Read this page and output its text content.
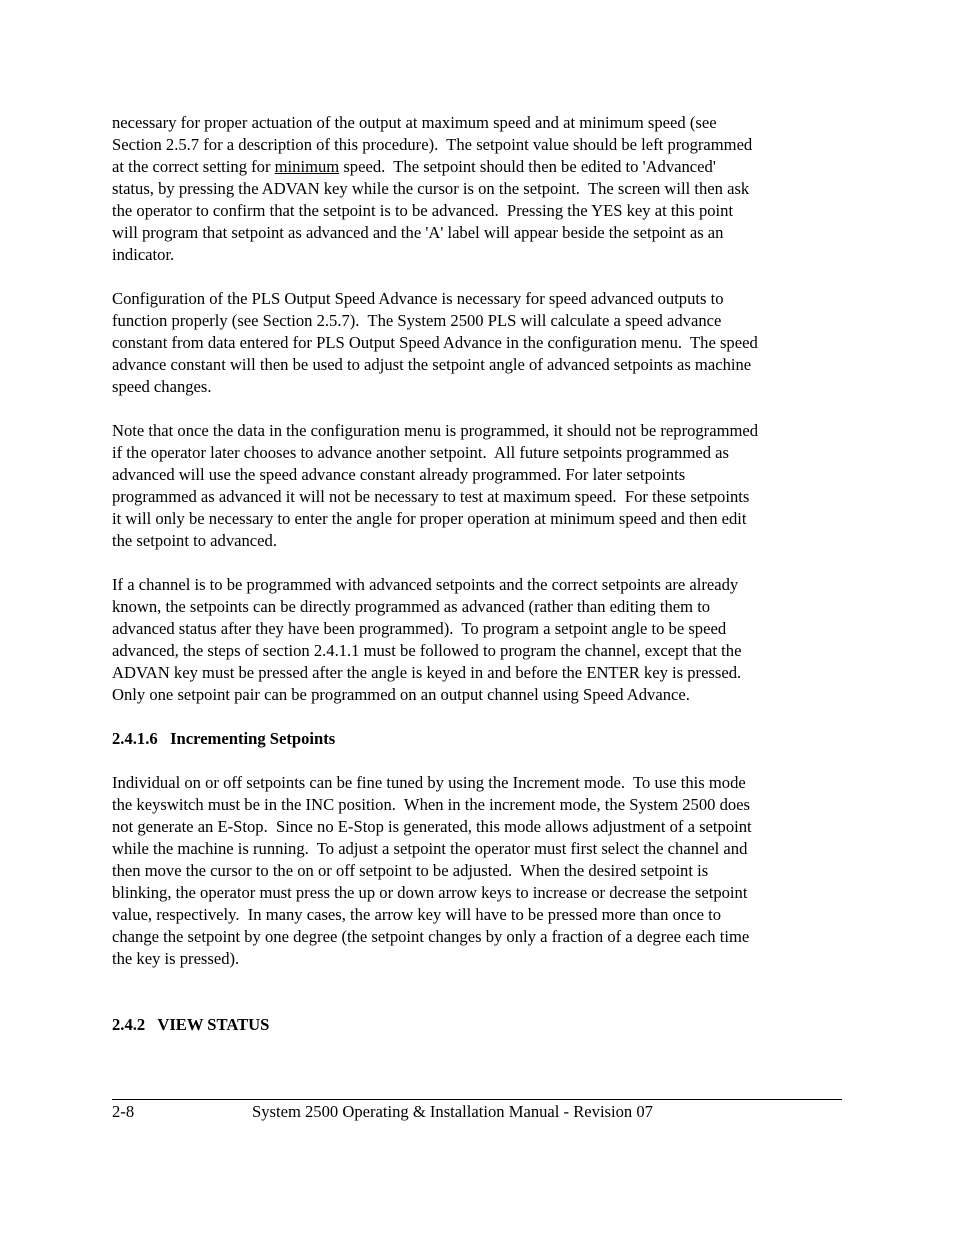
necessary for proper actuation of the output at maximum speed and at minimum speed (see
Section 2.5.7 for a description of this procedure).  The setpoint value should be left programmed
at the correct setting for minimum speed.  The setpoint should then be edited to 'Advanced'
status, by pressing the ADVAN key while the cursor is on the setpoint.  The screen will then ask
the operator to confirm that the setpoint is to be advanced.  Pressing the YES key at this point
will program that setpoint as advanced and the 'A' label will appear beside the setpoint as an
indicator.

Configuration of the PLS Output Speed Advance is necessary for speed advanced outputs to
function properly (see Section 2.5.7).  The System 2500 PLS will calculate a speed advance
constant from data entered for PLS Output Speed Advance in the configuration menu.  The speed
advance constant will then be used to adjust the setpoint angle of advanced setpoints as machine
speed changes.

Note that once the data in the configuration menu is programmed, it should not be reprogrammed
if the operator later chooses to advance another setpoint.  All future setpoints programmed as
advanced will use the speed advance constant already programmed. For later setpoints
programmed as advanced it will not be necessary to test at maximum speed.  For these setpoints
it will only be necessary to enter the angle for proper operation at minimum speed and then edit
the setpoint to advanced.

If a channel is to be programmed with advanced setpoints and the correct setpoints are already
known, the setpoints can be directly programmed as advanced (rather than editing them to
advanced status after they have been programmed).  To program a setpoint angle to be speed
advanced, the steps of section 2.4.1.1 must be followed to program the channel, except that the
ADVAN key must be pressed after the angle is keyed in and before the ENTER key is pressed.
Only one setpoint pair can be programmed on an output channel using Speed Advance.

2.4.1.6   Incrementing Setpoints

Individual on or off setpoints can be fine tuned by using the Increment mode.  To use this mode
the keyswitch must be in the INC position.  When in the increment mode, the System 2500 does
not generate an E-Stop.  Since no E-Stop is generated, this mode allows adjustment of a setpoint
while the machine is running.  To adjust a setpoint the operator must first select the channel and
then move the cursor to the on or off setpoint to be adjusted.  When the desired setpoint is
blinking, the operator must press the up or down arrow keys to increase or decrease the setpoint
value, respectively.  In many cases, the arrow key will have to be pressed more than once to
change the setpoint by one degree (the setpoint changes by only a fraction of a degree each time
the key is pressed).

2.4.2   VIEW STATUS

2-8

	System 2500 Operating & Installation Manual - Revision 07
